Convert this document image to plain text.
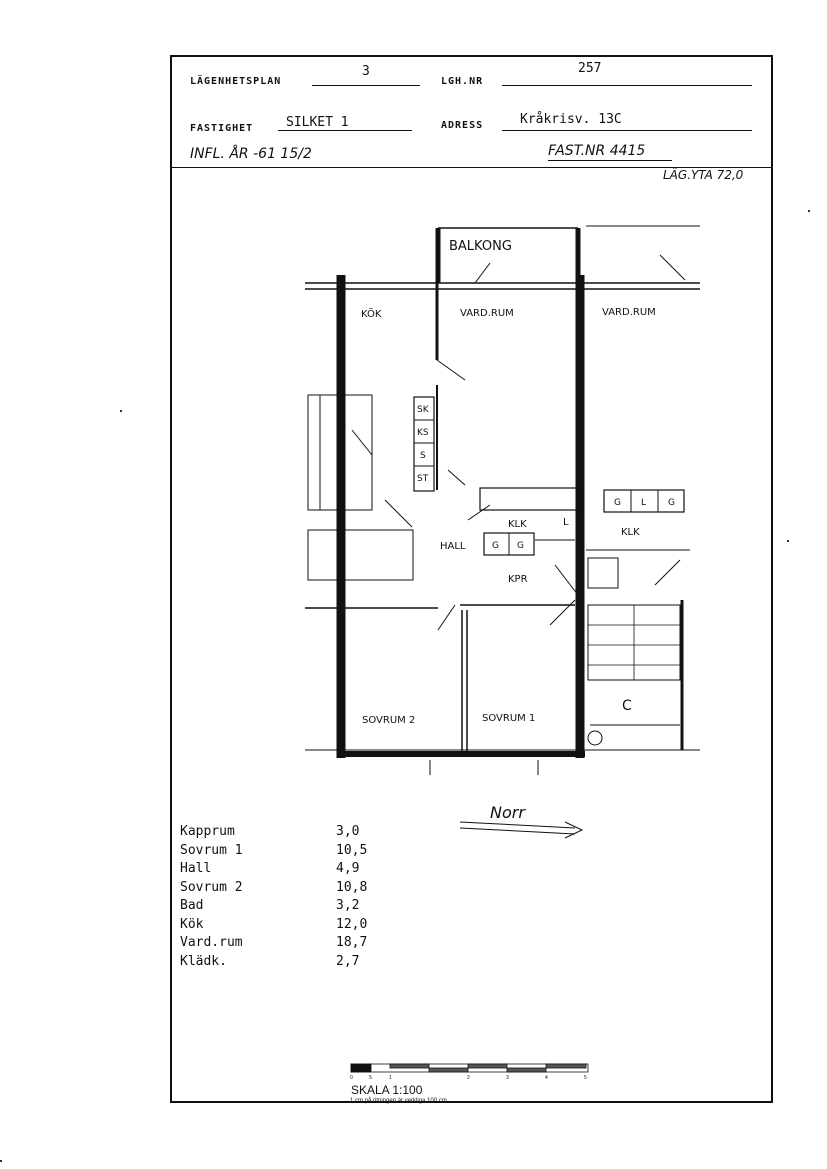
LÄGENHETSPLAN
3
LGH.NR
257
FASTIGHET	SILKET 1	ADRESS	Kråkrisv. 13C
INFL. ÅR -61 15/2	FAST.NR 4415
LÄG.YTA 72,0
BALKONG
KÖK	VARD.RUM	VARD.RUM
SK
KS
S
ST
KLK	L
KLK
HALL	G G
G L G
KPR
SOVRUM 2	SOVRUM 1
C
Norr
Kapprum	3,0
Sovrum 1	10,5
Hall	4,9
Sovrum 2	10,8
Bad	3,2
Kök	12,0
Vard.rum	18,7
Klädk.	2,7
0	5	1	2	3	4	5
SKALA 1:100
1 cm på ritningen är verkliga 100 cm
